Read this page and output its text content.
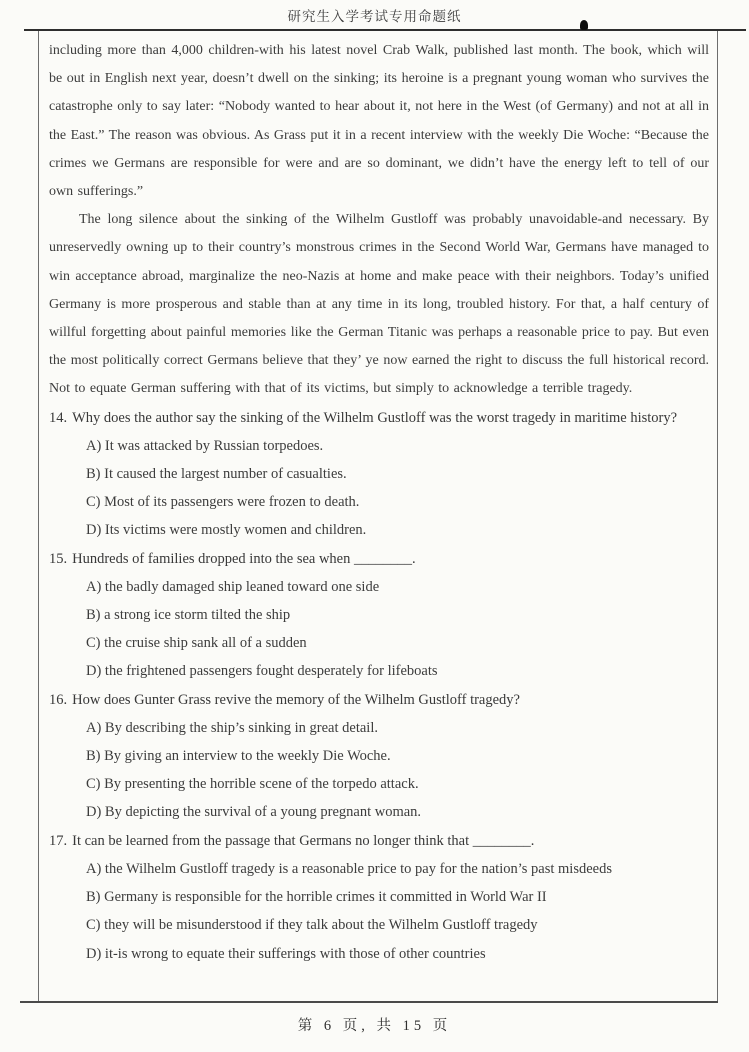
研究生入学考试专用命题纸

including more than 4,000 children-with his latest novel Crab Walk, published last month. The book, which will be out in English next year, doesn’t dwell on the sinking; its heroine is a pregnant young woman who survives the catastrophe only to say later: “Nobody wanted to hear about it, not here in the West (of Germany) and not at all in the East.” The reason was obvious. As Grass put it in a recent interview with the weekly Die Woche: “Because the crimes we Germans are responsible for were and are so dominant, we didn’t have the energy left to tell of our own sufferings.”

The long silence about the sinking of the Wilhelm Gustloff was probably unavoidable-and necessary. By unreservedly owning up to their country’s monstrous crimes in the Second World War, Germans have managed to win acceptance abroad, marginalize the neo-Nazis at home and make peace with their neighbors. Today’s unified Germany is more prosperous and stable than at any time in its long, troubled history. For that, a half century of willful forgetting about painful memories like the German Titanic was perhaps a reasonable price to pay. But even the most politically correct Germans believe that they’ ye now earned the right to discuss the full historical record. Not to equate German suffering with that of its victims, but simply to acknowledge a terrible tragedy.

14. Why does the author say the sinking of the Wilhelm Gustloff was the worst tragedy in maritime history?
A) It was attacked by Russian torpedoes.
B) It caused the largest number of casualties.
C) Most of its passengers were frozen to death.
D) Its victims were mostly women and children.
15. Hundreds of families dropped into the sea when ________.
A) the badly damaged ship leaned toward one side
B) a strong ice storm tilted the ship
C) the cruise ship sank all of a sudden
D) the frightened passengers fought desperately for lifeboats
16. How does Gunter Grass revive the memory of the Wilhelm Gustloff tragedy?
A) By describing the ship’s sinking in great detail.
B) By giving an interview to the weekly Die Woche.
C) By presenting the horrible scene of the torpedo attack.
D) By depicting the survival of a young pregnant woman.
17. It can be learned from the passage that Germans no longer think that ________.
A) the Wilhelm Gustloff tragedy is a reasonable price to pay for the nation’s past misdeeds
B) Germany is responsible for the horrible crimes it committed in World War II
C) they will be misunderstood if they talk about the Wilhelm Gustloff tragedy
D) it-is wrong to equate their sufferings with those of other countries
第 6 页, 共 15 页
